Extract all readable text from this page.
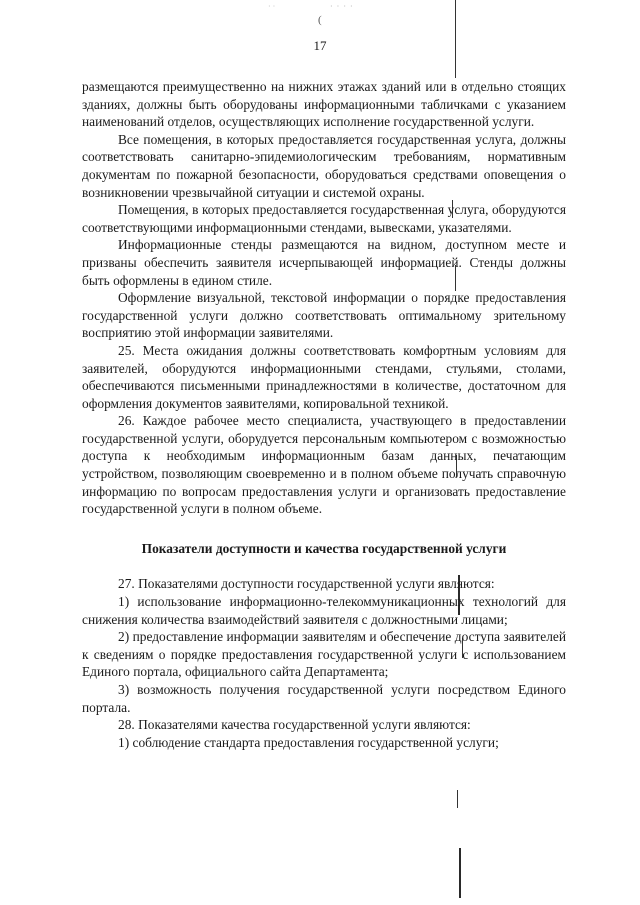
· ·	· · · ·
(
17

размещаются преимущественно на нижних этажах зданий или в отдельно стоящих зданиях, должны быть оборудованы информационными табличками с указанием наименований отделов, осуществляющих исполнение государственной услуги.

Все помещения, в которых предоставляется государственная услуга, должны соответствовать санитарно-эпидемиологическим требованиям, нормативным документам по пожарной безопасности, оборудоваться средствами оповещения о возникновении чрезвычайной ситуации и системой охраны.

Помещения, в которых предоставляется государственная услуга, оборудуются соответствующими информационными стендами, вывесками, указателями.

Информационные стенды размещаются на видном, доступном месте и призваны обеспечить заявителя исчерпывающей информацией. Стенды должны быть оформлены в едином стиле.

Оформление визуальной, текстовой информации о порядке предоставления государственной услуги должно соответствовать оптимальному зрительному восприятию этой информации заявителями.

25. Места ожидания должны соответствовать комфортным условиям для заявителей, оборудуются информационными стендами, стульями, столами, обеспечиваются письменными принадлежностями в количестве, достаточном для оформления документов заявителями, копировальной техникой.

26. Каждое рабочее место специалиста, участвующего в предоставлении государственной услуги, оборудуется персональным компьютером с возможностью доступа к необходимым информационным базам данных, печатающим устройством, позволяющим своевременно и в полном объеме получать справочную информацию по вопросам предоставления услуги и организовать предоставление государственной услуги в полном объеме.

Показатели доступности и качества государственной услуги

27. Показателями доступности государственной услуги являются:

1) использование информационно-телекоммуникационных технологий для снижения количества взаимодействий заявителя с должностными лицами;

2) предоставление информации заявителям и обеспечение доступа заявителей к сведениям о порядке предоставления государственной услуги с использованием Единого портала, официального сайта Департамента;

3) возможность получения государственной услуги посредством Единого портала.

28. Показателями качества государственной услуги являются:

1) соблюдение стандарта предоставления государственной услуги;
